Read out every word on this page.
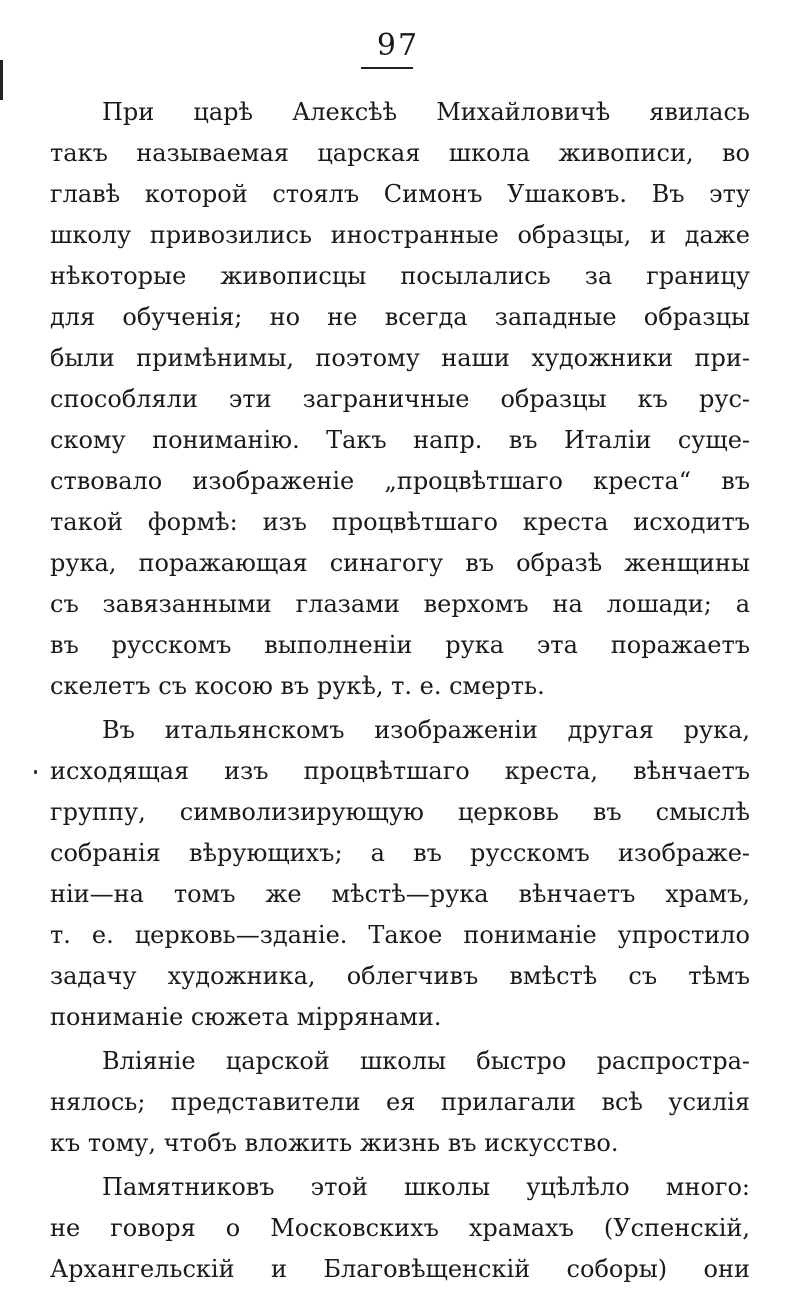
97
При царѣ Алексѣѣ Михайловичѣ явилась
такъ называемая царская школа живописи, во
главѣ которой стоялъ Симонъ Ушаковъ. Въ эту
школу привозились иностранные образцы, и даже
нѣкоторые живописцы посылались за границу
для обученія; но не всегда западные образцы
были примѣнимы, поэтому наши художники при-
способляли эти заграничные образцы къ рус-
скому пониманію. Такъ напр. въ Италіи суще-
ствовало изображеніе „процвѣтшаго креста“ въ
такой формѣ: изъ процвѣтшаго креста исходитъ
рука, поражающая синагогу въ образѣ женщины
съ завязанными глазами верхомъ на лошади; а
въ русскомъ выполненіи рука эта поражаетъ
скелетъ съ косою въ рукѣ, т. е. смерть.
Въ итальянскомъ изображеніи другая рука,
исходящая изъ процвѣтшаго креста, вѣнчаетъ
группу, символизирующую церковь въ смыслѣ
собранія вѣрующихъ; а въ русскомъ изображе-
ніи—на томъ же мѣстѣ—рука вѣнчаетъ храмъ,
т. е. церковь—зданіе. Такое пониманіе упростило
задачу художника, облегчивъ вмѣстѣ съ тѣмъ
пониманіе сюжета міррянами.
Вліяніе царской школы быстро распростра-
нялось; представители ея прилагали всѣ усилія
къ тому, чтобъ вложить жизнь въ искусство.
Памятниковъ этой школы уцѣлѣло много:
не говоря о Московскихъ храмахъ (Успенскій,
Архангельскій и Благовѣщенскій соборы) они
